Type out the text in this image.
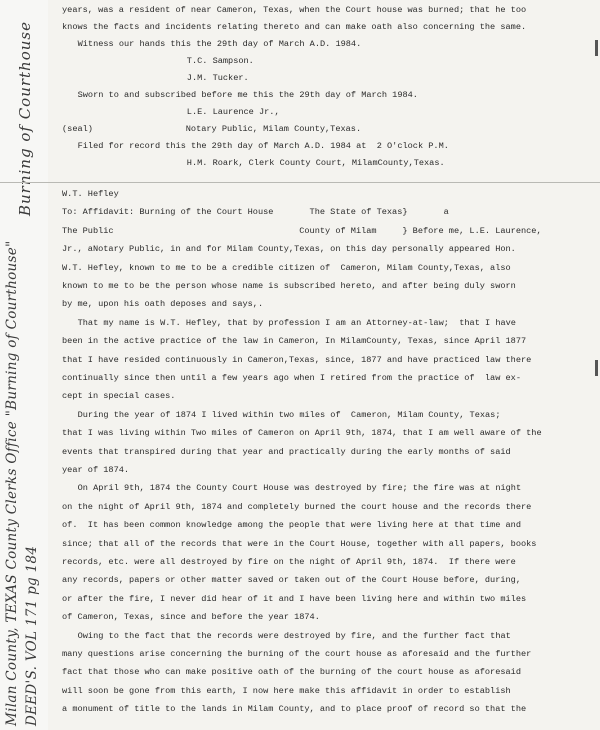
Burning of Courthouse
Milan County, TEXAS County Clerks Office "Burning of Courthouse" DEED'S. VOL 171 pg 184
years, was a resident of near Cameron, Texas, when the Court house was burned; that he too
knows the facts and incidents relating thereto and can make oath also concerning the same.
Witness our hands this the 29th day of March A.D. 1984.
T.C. Sampson.
J.M. Tucker.
Sworn to and subscribed before me this the 29th day of March 1984.
L.E. Laurence Jr.,
(seal)                  Notary Public, Milam County,Texas.
Filed for record this the 29th day of March A.D. 1984 at  2 O'clock P.M.
H.M. Roark, Clerk County Court, MilamCounty,Texas.
W.T. Hefley
To: Affidavit: Burning of the Court House       The State of Texas}       a
The Public                                    County of Milam     } Before me, L.E. Laurence,
Jr., aNotary Public, in and for Milam County,Texas, on this day personally appeared Hon.
W.T. Hefley, known to me to be a credible citizen of  Cameron, Milam County,Texas, also
known to me to be the person whose name is subscribed hereto, and after being duly sworn
by me, upon his oath deposes and says,.
That my name is W.T. Hefley, that by profession I am an Attorney-at-law;  that I have
been in the active practice of the law in Cameron, In MilamCounty, Texas, since April 1877
that I have resided continuously in Cameron,Texas, since, 1877 and have practiced law there
continually since then until a few years ago when I retired from the practice of  law ex-
cept in special cases.
During the year of 1874 I lived within two miles of  Cameron, Milam County, Texas;
that I was living within Two miles of Cameron on April 9th, 1874, that I am well aware of the
events that transpired during that year and practically during the early months of said
year of 1874.
On April 9th, 1874 the County Court House was destroyed by fire; the fire was at night
on the night of April 9th, 1874 and completely burned the court house and the records there
of.  It has been common knowledge among the people that were living here at that time and
since; that all of the records that were in the Court House, together with all papers, books
records, etc. were all destroyed by fire on the night of April 9th, 1874.  If there were
any records, papers or other matter saved or taken out of the Court House before, during,
or after the fire, I never did hear of it and I have been living here and within two miles
of Cameron, Texas, since and before the year 1874.
Owing to the fact that the records were destroyed by fire, and the further fact that
many questions arise concerning the burning of the court house as aforesaid and the further
fact that those who can make positive oath of the burning of the court house as aforesaid
will soon be gone from this earth, I now here make this affidavit in order to establish
a monument of title to the lands in Milam County, and to place proof of record so that the
